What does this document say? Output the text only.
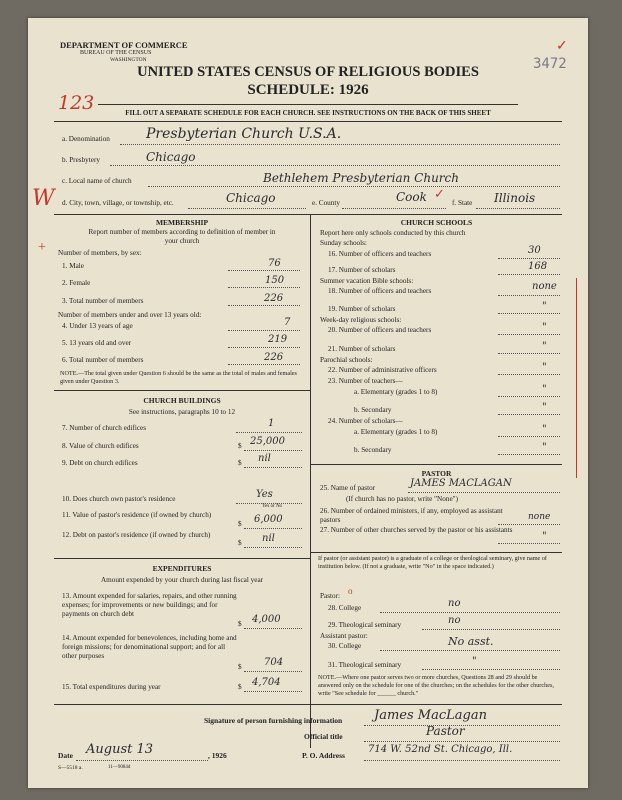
DEPARTMENT OF COMMERCE
BUREAU OF THE CENSUS
WASHINGTON	3472
✓
UNITED STATES CENSUS OF RELIGIOUS BODIES
SCHEDULE: 1926
123	FILL OUT A SEPARATE SCHEDULE FOR EACH CHURCH. SEE INSTRUCTIONS ON THE BACK OF THIS SHEET
a. Denomination	Presbyterian Church U.S.A.
b. Presbytery	Chicago
c. Local name of church	Bethlehem Presbyterian Church
d. City, town, village, or township, etc.	Chicago	e. County	Cook ✓
f. State Illinois
W
MEMBERSHIP
Report number of members according to definition of member in your church
+ Number of members, by sex:
1. Male	76
2. Female	150
3. Total number of members	226
Number of members under and over 13 years old:
4. Under 13 years of age	7
5. 13 years old and over	219
6. Total number of members	226
NOTE.—The total given under Question 6 should be the same as the total of males and females given under Question 3.
CHURCH BUILDINGS
See instructions, paragraphs 10 to 12
7. Number of church edifices	1
8. Value of church edifices	$ 25,000
9. Debt on church edifices	$ nil
10. Does church own pastor's residence	Yes
Yes or No
11. Value of pastor's residence (if owned by church)
$ 6,000
12. Debt on pastor's residence (if owned by church)
$ nil
EXPENDITURES
Amount expended by your church during last fiscal year
13. Amount expended for salaries, repairs, and other running expenses; for improvements or new buildings; and for payments on church debt
$ 4,000
14. Amount expended for benevolences, including home and foreign missions; for denominational support; and for all other purposes
$ 704
15. Total expenditures during year	$ 4,704
CHURCH SCHOOLS
Report here only schools conducted by this church
Sunday schools:
16. Number of officers and teachers	30
17. Number of scholars	168
Summer vacation Bible schools:
18. Number of officers and teachers	none
19. Number of scholars	"
Week-day religious schools:
20. Number of officers and teachers	"
21. Number of scholars	"
Parochial schools:
22. Number of administrative officers	"
23. Number of teachers—
a. Elementary (grades 1 to 8)	"
b. Secondary	"
24. Number of scholars—
a. Elementary (grades 1 to 8)	"
b. Secondary	"
PASTOR
25. Name of pastor	JAMES MACLAGAN
(If church has no pastor, write "None")
26. Number of ordained ministers, if any, employed as assistant pastors	none
27. Number of other churches served by the pastor or his assistants
"
If pastor (or assistant pastor) is a graduate of a college or theological seminary, give name of institution below. (If not a graduate, write "No" in the space indicated.)
Pastor: o
28. College	no
29. Theological seminary	no
Assistant pastor:
30. College	No asst.
31. Theological seminary	"
NOTE.—Where one pastor serves two or more churches, Questions 28 and 29 should be answered only on the schedule for one of the churches; on the schedules for the other churches, write "See schedule for ______ church."
Signature of person furnishing information James MacLagan
Official title	Pastor
Date August 13	, 1926	P. O. Address
714 W. 52nd St. Chicago, Ill.
S—5518 a.	11—9084d
